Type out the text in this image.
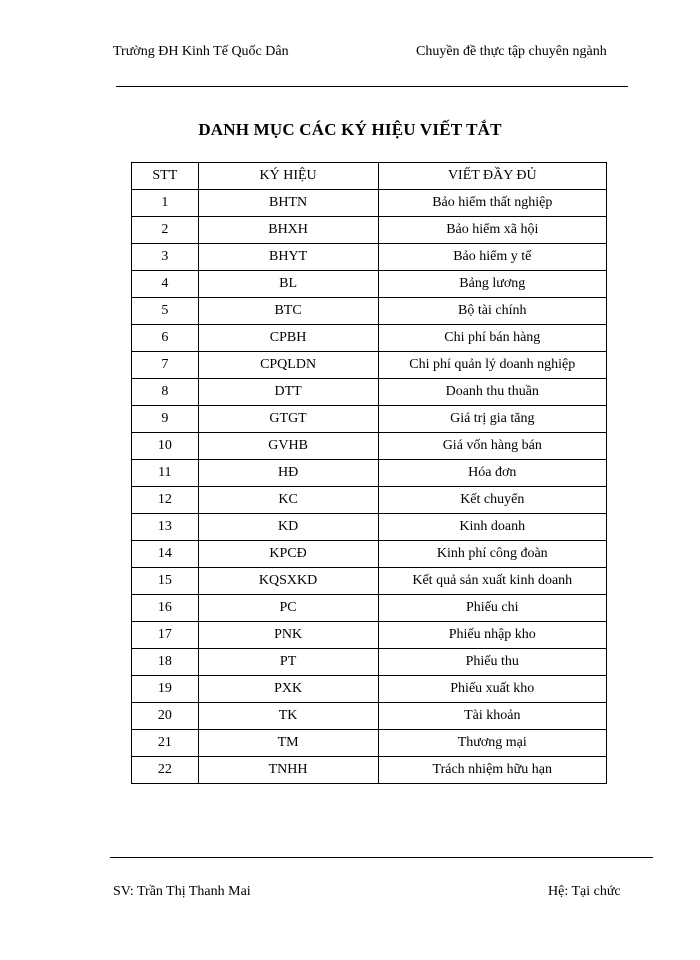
Trường ĐH Kinh Tế Quốc Dân	Chuyền đề thực tập chuyên ngành
DANH MỤC CÁC KÝ HIỆU VIẾT TẮT
STT	KÝ HIỆU	VIẾT ĐẦY ĐỦ
1	BHTN	Bảo hiểm thất nghiệp
2	BHXH	Bảo hiểm xã hội
3	BHYT	Bảo hiểm y tế
4	BL	Bảng lương
5	BTC	Bộ tài chính
6	CPBH	Chi phí bán hàng
7	CPQLDN	Chi phí quản lý doanh nghiệp
8	DTT	Doanh thu thuần
9	GTGT	Giá trị gia tăng
10	GVHB	Giá vốn hàng bán
11	HĐ	Hóa đơn
12	KC	Kết chuyển
13	KD	Kinh doanh
14	KPCĐ	Kinh phí công đoàn
15	KQSXKD	Kết quả sản xuất kinh doanh
16	PC	Phiếu chi
17	PNK	Phiếu nhập kho
18	PT	Phiếu thu
19	PXK	Phiếu xuất kho
20	TK	Tài khoản
21	TM	Thương mại
22	TNHH	Trách nhiệm hữu hạn
SV: Trần Thị Thanh Mai	Hệ: Tại chức
